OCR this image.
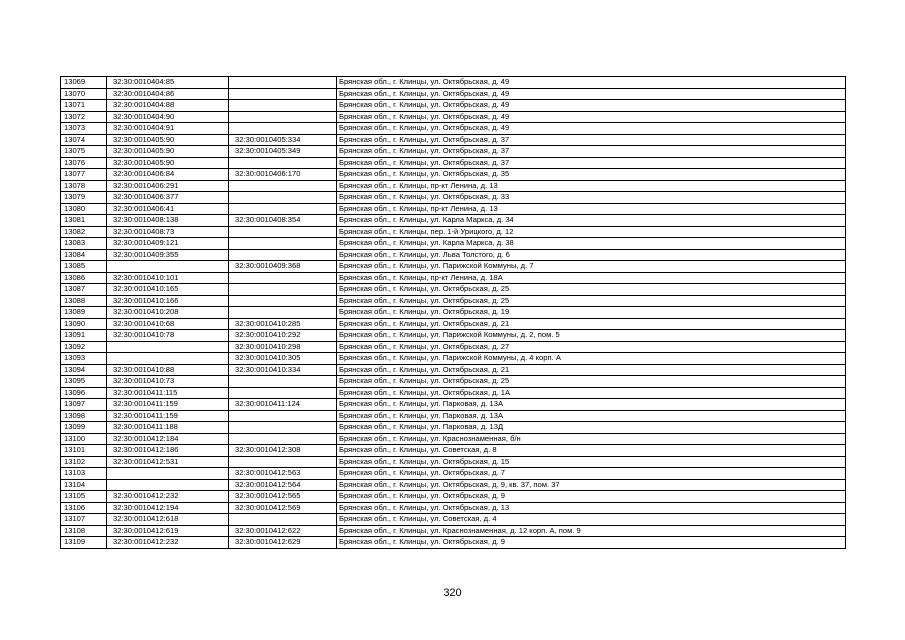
13069	32:30:0010404:85		Брянская обл., г. Клинцы, ул. Октябрьская, д. 49
13070	32:30:0010404:86		Брянская обл., г. Клинцы, ул. Октябрьская, д. 49
13071	32:30:0010404:88		Брянская обл., г. Клинцы, ул. Октябрьская, д. 49
13072	32:30:0010404:90		Брянская обл., г. Клинцы, ул. Октябрьская, д. 49
13073	32:30:0010404:91		Брянская обл., г. Клинцы, ул. Октябрьская, д. 49
13074	32:30:0010405:90	32:30:0010405:334	Брянская обл., г. Клинцы, ул. Октябрьская, д. 37
13075	32:30:0010405:90	32:30:0010405:349	Брянская обл., г. Клинцы, ул. Октябрьская, д. 37
13076	32:30:0010405:90		Брянская обл., г. Клинцы, ул. Октябрьская, д. 37
13077	32:30:0010406:84	32:30:0010406:170	Брянская обл., г. Клинцы, ул. Октябрьская, д. 35
13078	32:30:0010406:291		Брянская обл., г. Клинцы, пр-кт Ленина, д. 13
13079	32:30:0010406:377		Брянская обл., г. Клинцы, ул. Октябрьская, д. 33
13080	32:30:0010406:41		Брянская обл., г. Клинцы, пр-кт Ленина, д. 13
13081	32:30:0010408:138	32:30:0010408:354	Брянская обл., г. Клинцы, ул. Карла Маркса, д. 34
13082	32:30:0010408:73		Брянская обл., г. Клинцы, пер. 1-й Урицкого, д. 12
13083	32:30:0010409:121		Брянская обл., г. Клинцы, ул. Карла Маркса, д. 38
13084	32:30:0010409:355		Брянская обл., г. Клинцы, ул. Льва Толстого, д. 6
13085		32:30:0010409:368	Брянская обл., г. Клинцы, ул. Парижской Коммуны, д. 7
13086	32:30:0010410:101		Брянская обл., г. Клинцы, пр-кт Ленина, д. 18А
13087	32:30:0010410:165		Брянская обл., г. Клинцы, ул. Октябрьская, д. 25
13088	32:30:0010410:166		Брянская обл., г. Клинцы, ул. Октябрьская, д. 25
13089	32:30:0010410:208		Брянская обл., г. Клинцы, ул. Октябрьская, д. 19
13090	32:30:0010410:68	32:30:0010410:285	Брянская обл., г. Клинцы, ул. Октябрьская, д. 21
13091	32:30:0010410:78	32:30:0010410:292	Брянская обл., г. Клинцы, ул. Парижской Коммуны, д. 2, пом. 5
13092		32:30:0010410:298	Брянская обл., г. Клинцы, ул. Октябрьская, д. 27
13093		32:30:0010410:305	Брянская обл., г. Клинцы, ул. Парижской Коммуны, д. 4 корп. А
13094	32:30:0010410:88	32:30:0010410:334	Брянская обл., г. Клинцы, ул. Октябрьская, д. 21
13095	32:30:0010410:73		Брянская обл., г. Клинцы, ул. Октябрьская, д. 25
13096	32:30:0010411:115		Брянская обл., г. Клинцы, ул. Октябрьская, д. 1А
13097	32:30:0010411:159	32:30:0010411:124	Брянская обл., г. Клинцы, ул. Парковая, д. 13А
13098	32:30:0010411:159		Брянская обл., г. Клинцы, ул. Парковая, д. 13А
13099	32:30:0010411:188		Брянская обл., г. Клинцы, ул. Парковая, д. 13Д
13100	32:30:0010412:184		Брянская обл., г. Клинцы, ул. Краснознаменная, б/н
13101	32:30:0010412:186	32:30:0010412:308	Брянская обл., г. Клинцы, ул. Советская, д. 8
13102	32:30:0010412:531		Брянская обл., г. Клинцы, ул. Октябрьская, д. 15
13103		32:30:0010412:563	Брянская обл., г. Клинцы, ул. Октябрьская, д. 7
13104		32:30:0010412:564	Брянская обл., г. Клинцы, ул. Октябрьская, д. 9, кв. 37, пом. 37
13105	32:30:0010412:232	32:30:0010412:565	Брянская обл., г. Клинцы, ул. Октябрьская, д. 9
13106	32:30:0010412:194	32:30:0010412:569	Брянская обл., г. Клинцы, ул. Октябрьская, д. 13
13107	32:30:0010412:618		Брянская обл., г. Клинцы, ул. Советская, д. 4
13108	32:30:0010412:619	32:30:0010412:622	Брянская обл., г. Клинцы, ул. Краснознаменная, д. 12 корп. А, пом. 9
13109	32:30:0010412:232	32:30:0010412:629	Брянская обл., г. Клинцы, ул. Октябрьская, д. 9
320
